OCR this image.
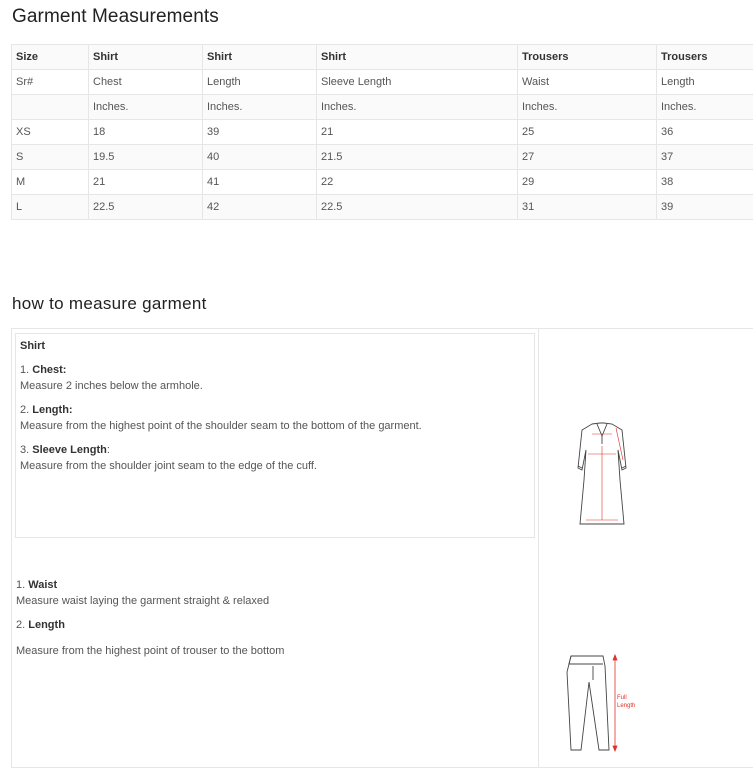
Garment Measurements
Size	Shirt	Shirt	Shirt	Trousers	Trousers
Sr#	Chest	Length	Sleeve Length	Waist	Length
	Inches.	Inches.	Inches.	Inches.	Inches.
XS	18	39	21	25	36
S	19.5	40	21.5	27	37
M	21	41	22	29	38
L	22.5	42	22.5	31	39
how to measure garment
Shirt
1. Chest:
Measure 2 inches below the armhole.
2. Length:
Measure from the highest point of the shoulder seam to the bottom of the garment.
3. Sleeve Length:
Measure from the shoulder joint seam to the edge of the cuff.
1. Waist
Measure waist laying the garment straight & relaxed
2. Length
Measure from the highest point of trouser to the bottom
Full
Length
